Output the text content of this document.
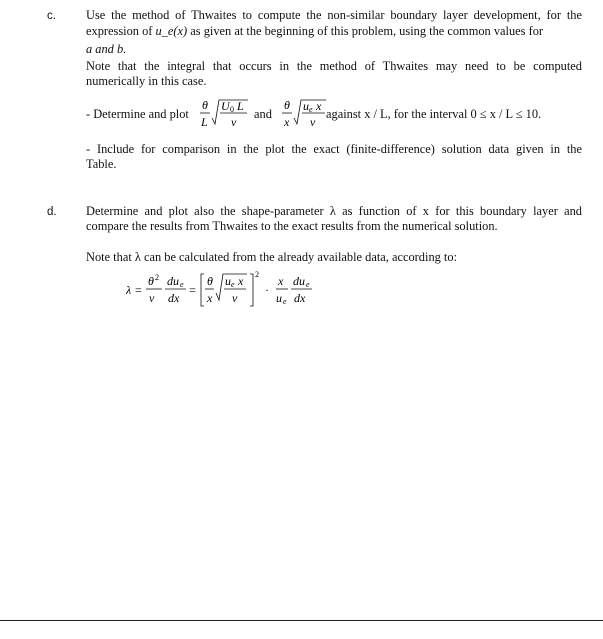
c. Use the method of Thwaites to compute the non-similar boundary layer development, for the
expression of u_e(x) as given at the beginning of this problem, using the common values for
a and b.
Note that the integral that occurs in the method of Thwaites may need to be computed
numerically in this case.
- Determine and plot
θ
L
U 0 L
ν
and
θ
x
u e x
ν
against x / L, for the interval 0 ≤ x / L ≤ 10.
- Include for comparison in the plot the exact (finite-difference) solution data given in the
Table.
d. Determine and plot also the shape-parameter λ as function of x for this boundary layer and
compare the results from Thwaites to the exact results from the numerical solution.
Note that λ can be calculated from the already available data, according to:
λ =
θ 2
ν
du e
dx
=
θ
x
u e x
ν
2
·
x
u e
du e
dx
